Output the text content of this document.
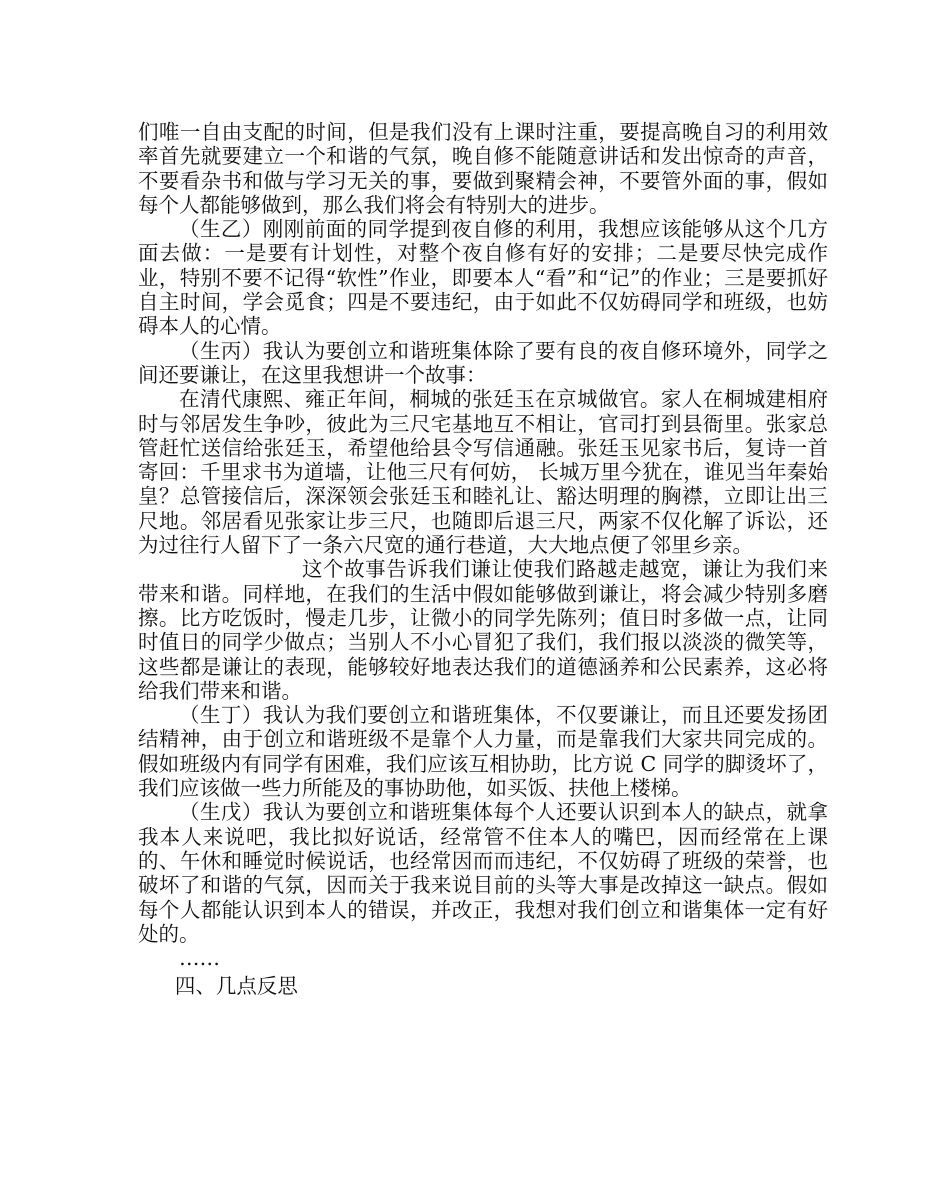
们唯一自由支配的时间，但是我们没有上课时注重，要提高晚自习的利用效率首先就要建立一个和谐的气氛，晚自修不能随意讲话和发出惊奇的声音，不要看杂书和做与学习无关的事，要做到聚精会神，不要管外面的事，假如每个人都能够做到，那么我们将会有特别大的进步。

（生乙）刚刚前面的同学提到夜自修的利用，我想应该能够从这个几方面去做：一是要有计划性，对整个夜自修有好的安排；二是要尽快完成作业，特别不要不记得“软性”作业，即要本人“看”和“记”的作业；三是要抓好自主时间，学会觅食；四是不要违纪，由于如此不仅妨碍同学和班级，也妨碍本人的心情。

（生丙）我认为要创立和谐班集体除了要有良的夜自修环境外，同学之间还要谦让，在这里我想讲一个故事：

在清代康熙、雍正年间，桐城的张廷玉在京城做官。家人在桐城建相府时与邻居发生争吵，彼此为三尺宅基地互不相让，官司打到县衙里。张家总管赶忙送信给张廷玉，希望他给县令写信通融。张廷玉见家书后，复诗一首寄回：千里求书为道墙，让他三尺有何妨， 长城万里今犹在，谁见当年秦始皇？总管接信后，深深领会张廷玉和睦礼让、豁达明理的胸襟，立即让出三尺地。邻居看见张家让步三尺，也随即后退三尺，两家不仅化解了诉讼，还为过往行人留下了一条六尺宽的通行巷道，大大地点便了邻里乡亲。

这个故事告诉我们谦让使我们路越走越宽，谦让为我们来带来和谐。同样地，在我们的生活中假如能够做到谦让，将会减少特别多磨擦。比方吃饭时，慢走几步，让微小的同学先陈列；值日时多做一点，让同时值日的同学少做点；当别人不小心冒犯了我们，我们报以淡淡的微笑等，这些都是谦让的表现，能够较好地表达我们的道德涵养和公民素养，这必将给我们带来和谐。

（生丁）我认为我们要创立和谐班集体，不仅要谦让，而且还要发扬团结精神，由于创立和谐班级不是靠个人力量，而是靠我们大家共同完成的。假如班级内有同学有困难，我们应该互相协助，比方说 C 同学的脚烫坏了，我们应该做一些力所能及的事协助他，如买饭、扶他上楼梯。

（生戊）我认为要创立和谐班集体每个人还要认识到本人的缺点，就拿我本人来说吧，我比拟好说话，经常管不住本人的嘴巴，因而经常在上课的、午休和睡觉时候说话，也经常因而而违纪，不仅妨碍了班级的荣誉，也破坏了和谐的气氛，因而关于我来说目前的头等大事是改掉这一缺点。假如每个人都能认识到本人的错误，并改正，我想对我们创立和谐集体一定有好处的。

……

四、几点反思
